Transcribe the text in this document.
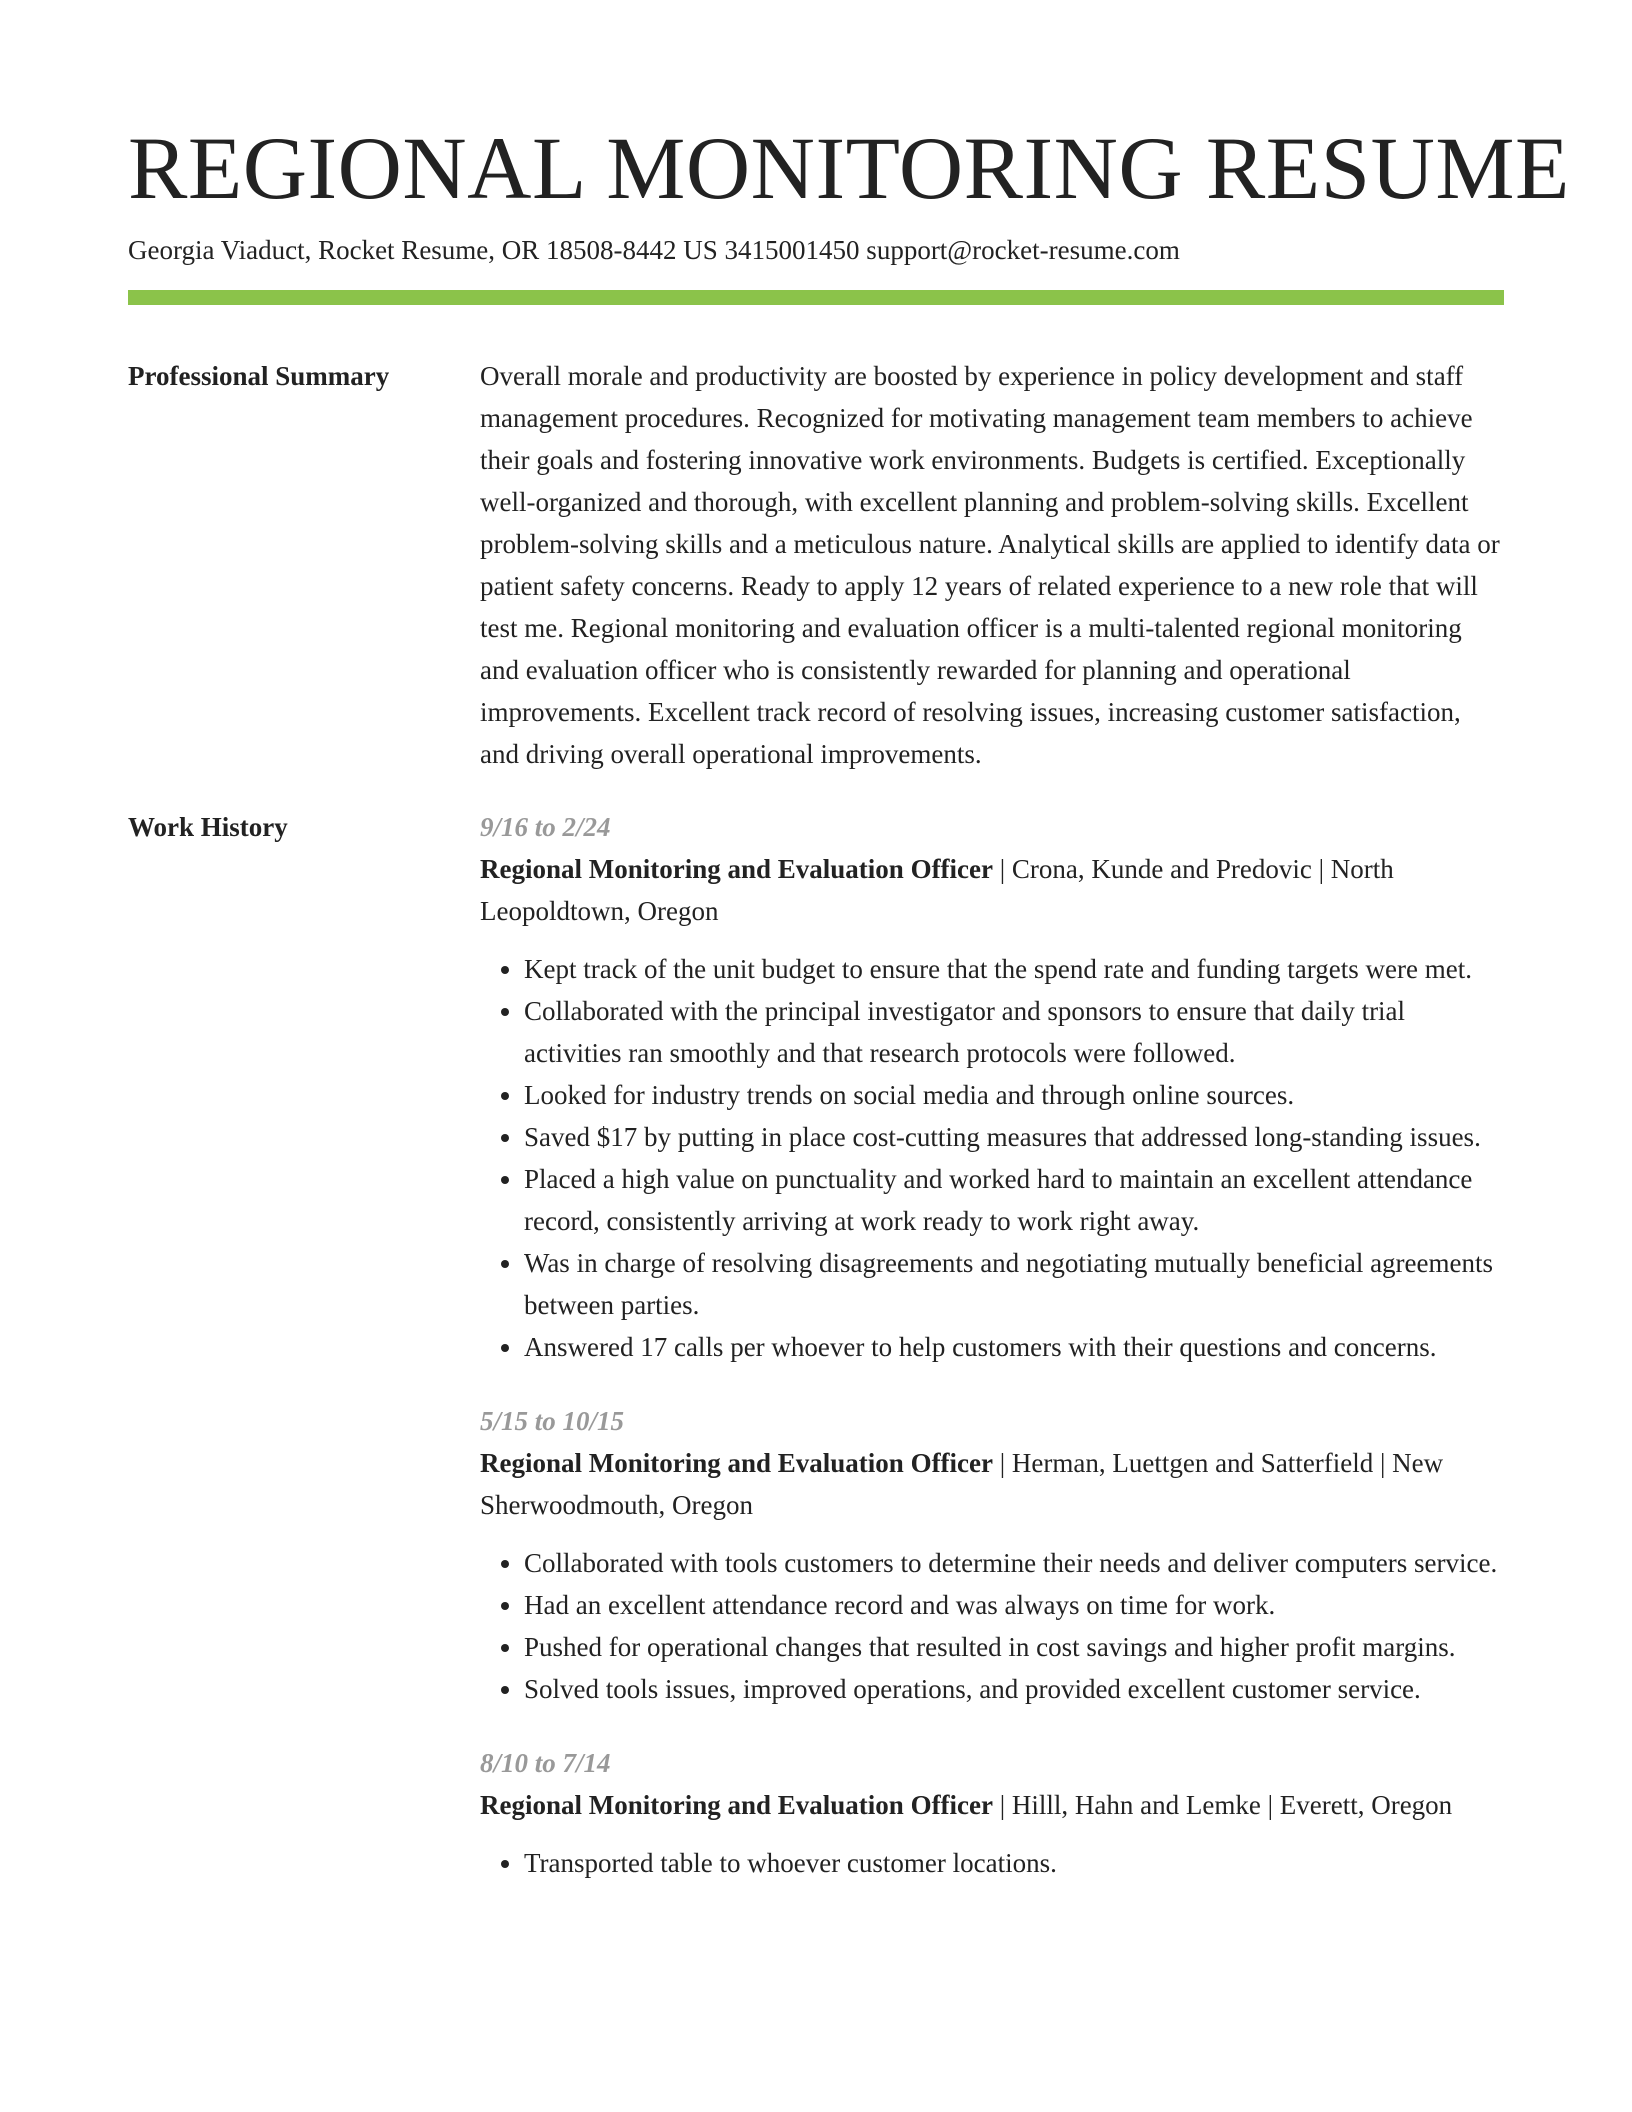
REGIONAL MONITORING RESUME
Georgia Viaduct, Rocket Resume, OR 18508-8442 US 3415001450 support@rocket-resume.com
Professional Summary	Overall morale and productivity are boosted by experience in policy development and staff management procedures. Recognized for motivating management team members to achieve their goals and fostering innovative work environments. Budgets is certified. Exceptionally well-organized and thorough, with excellent planning and problem-solving skills. Excellent problem-solving skills and a meticulous nature. Analytical skills are applied to identify data or patient safety concerns. Ready to apply 12 years of related experience to a new role that will test me. Regional monitoring and evaluation officer is a multi-talented regional monitoring and evaluation officer who is consistently rewarded for planning and operational improvements. Excellent track record of resolving issues, increasing customer satisfaction, and driving overall operational improvements.

Work History	9/16 to 2/24
Regional Monitoring and Evaluation Officer | Crona, Kunde and Predovic | North Leopoldtown, Oregon
• Kept track of the unit budget to ensure that the spend rate and funding targets were met.
• Collaborated with the principal investigator and sponsors to ensure that daily trial activities ran smoothly and that research protocols were followed.
• Looked for industry trends on social media and through online sources.
• Saved $17 by putting in place cost-cutting measures that addressed long-standing issues.
• Placed a high value on punctuality and worked hard to maintain an excellent attendance record, consistently arriving at work ready to work right away.
• Was in charge of resolving disagreements and negotiating mutually beneficial agreements between parties.
• Answered 17 calls per whoever to help customers with their questions and concerns.
5/15 to 10/15
Regional Monitoring and Evaluation Officer | Herman, Luettgen and Satterfield | New Sherwoodmouth, Oregon
• Collaborated with tools customers to determine their needs and deliver computers service.
• Had an excellent attendance record and was always on time for work.
• Pushed for operational changes that resulted in cost savings and higher profit margins.
• Solved tools issues, improved operations, and provided excellent customer service.
8/10 to 7/14
Regional Monitoring and Evaluation Officer | Hilll, Hahn and Lemke | Everett, Oregon
• Transported table to whoever customer locations.
